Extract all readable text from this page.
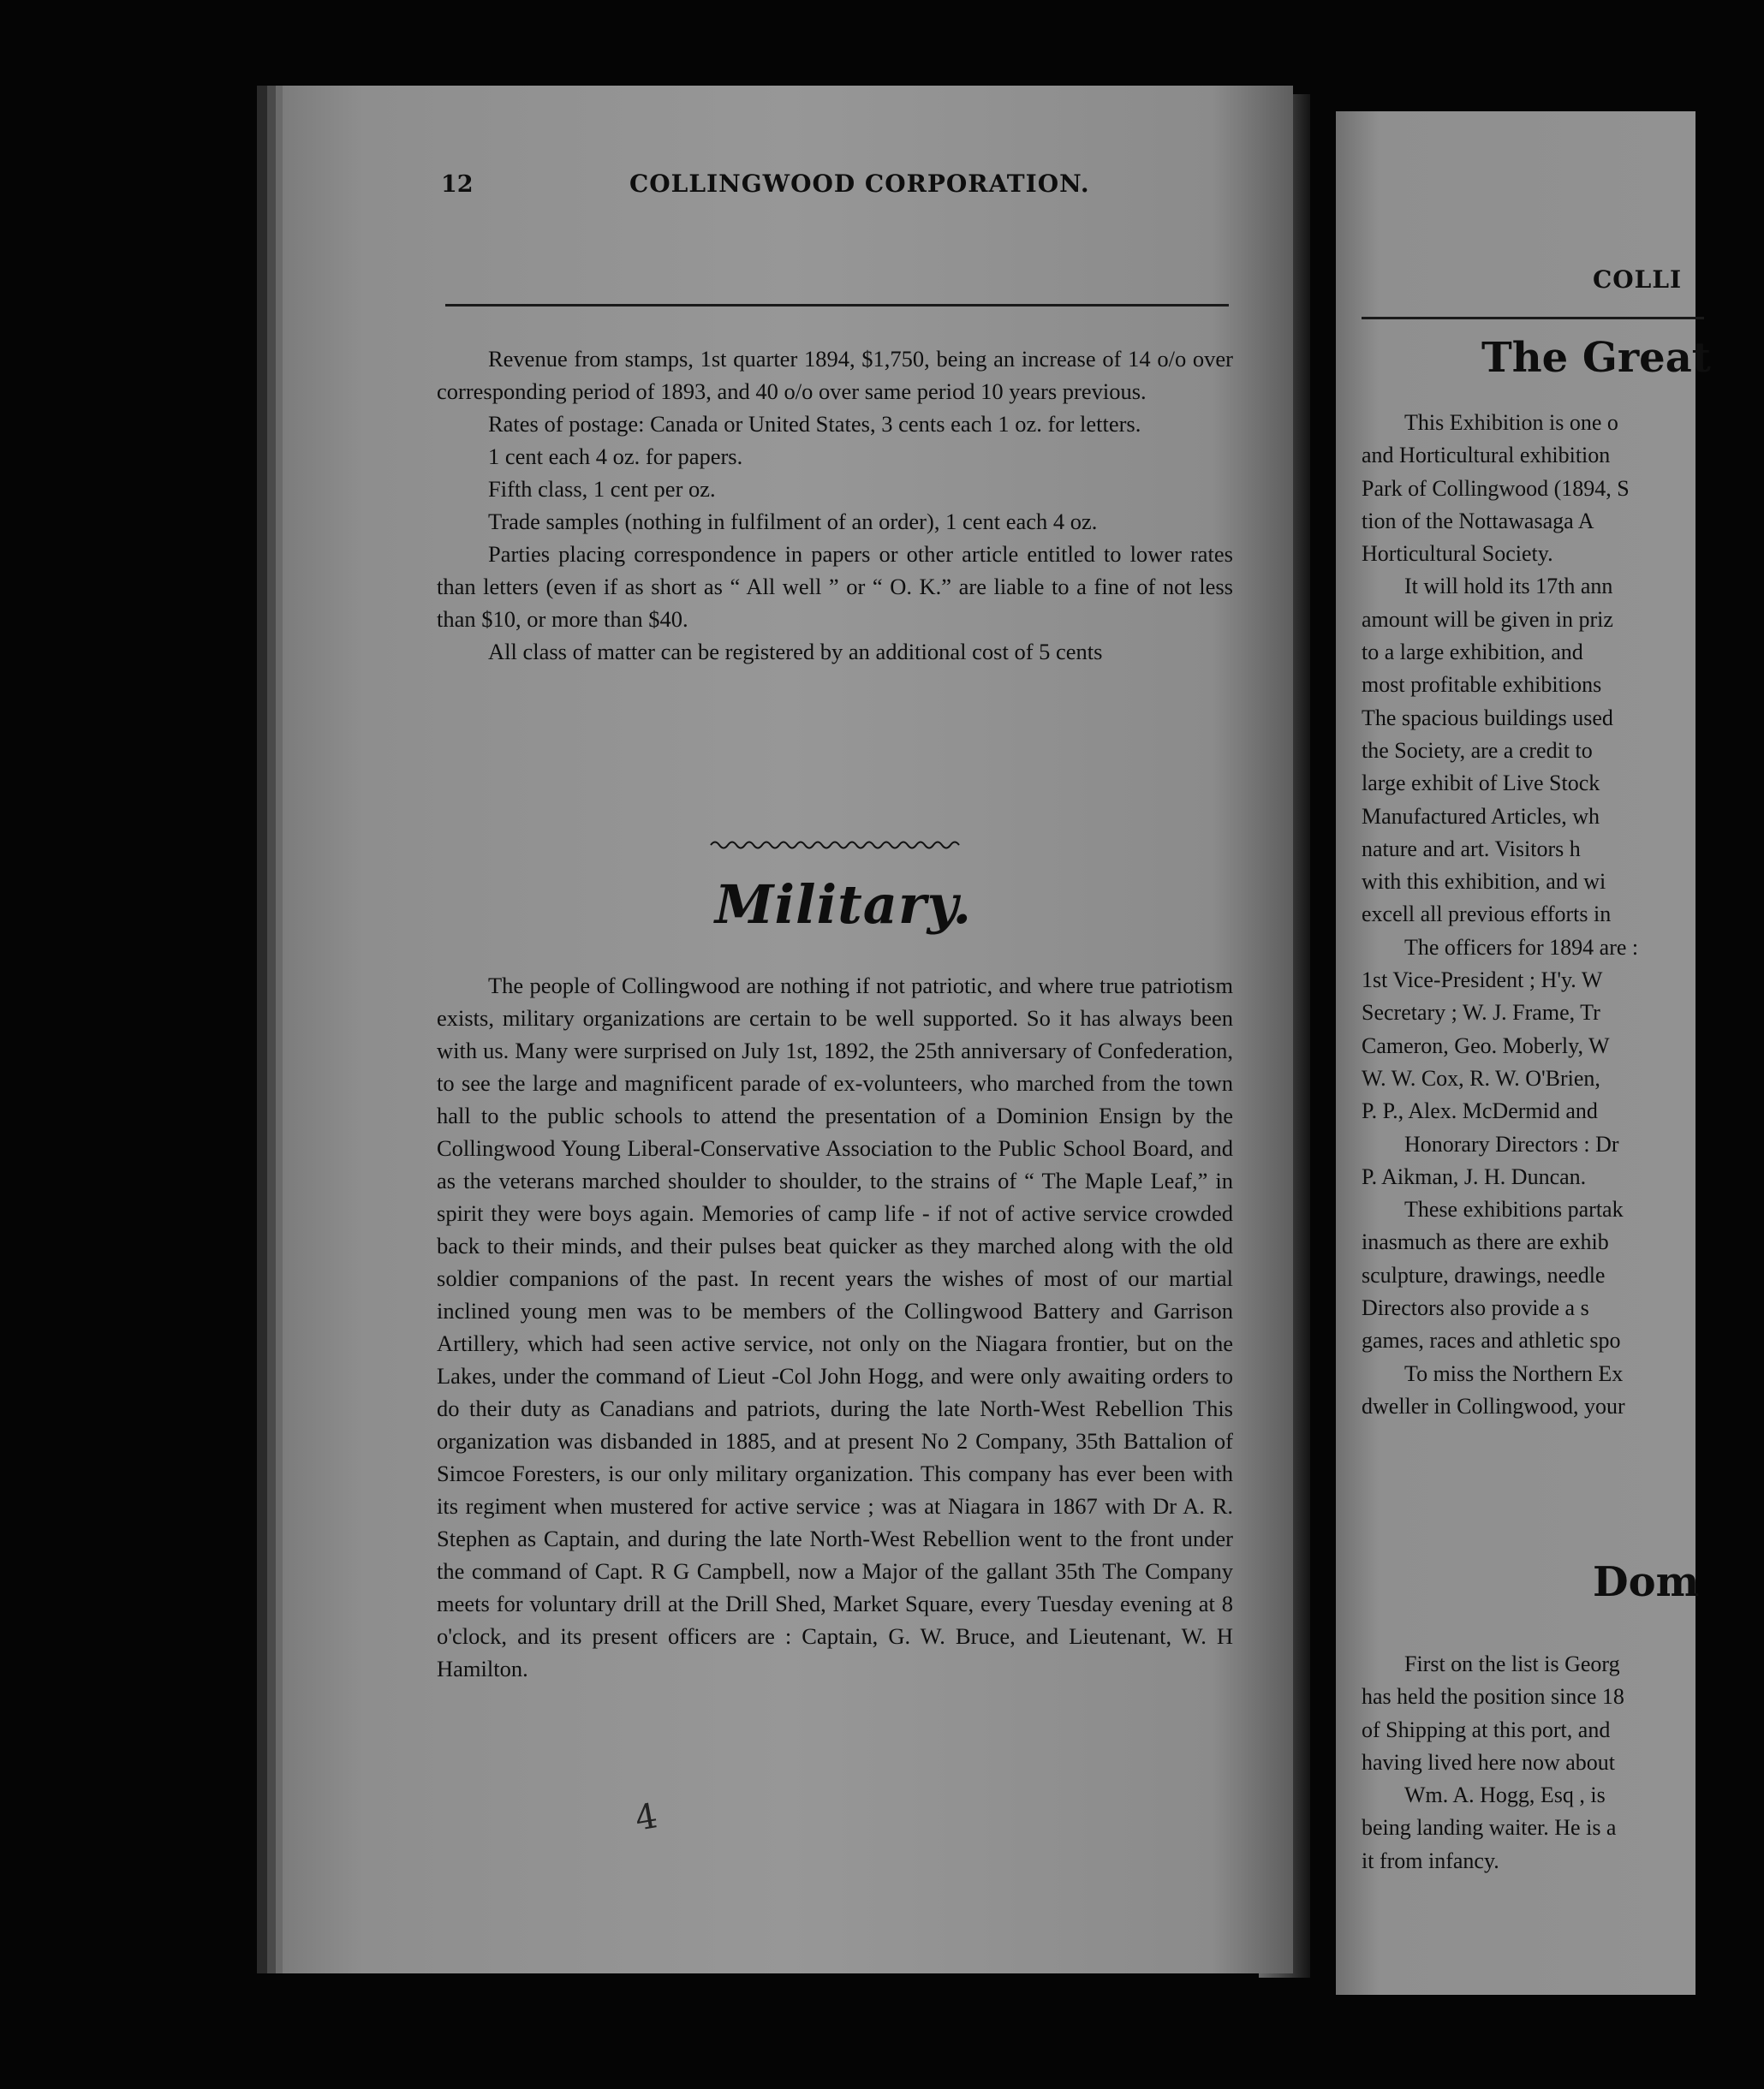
12	COLLINGWOOD CORPORATION.

Revenue from stamps, 1st quarter 1894, $1,750, being an increase of 14 o/o over corresponding period of 1893, and 40 o/o over same period 10 years previous.

Rates of postage: Canada or United States, 3 cents each 1 oz. for letters.

1 cent each 4 oz. for papers.

Fifth class, 1 cent per oz.

Trade samples (nothing in fulfilment of an order), 1 cent each 4 oz.

Parties placing correspondence in papers or other article entitled to lower rates than letters (even if as short as “ All well ” or “ O. K.” are liable to a fine of not less than $10, or more than $40.

All class of matter can be registered by an additional cost of 5 cents

Military.

The people of Collingwood are nothing if not patriotic, and where true patriotism exists, military organizations are certain to be well supported. So it has always been with us. Many were surprised on July 1st, 1892, the 25th anniversary of Confederation, to see the large and magnificent parade of ex-volunteers, who marched from the town hall to the public schools to attend the presentation of a Dominion Ensign by the Collingwood Young Liberal-Conservative Association to the Public School Board, and as the veterans marched shoulder to shoulder, to the strains of “ The Maple Leaf,” in spirit they were boys again. Memories of camp life - if not of active service crowded back to their minds, and their pulses beat quicker as they marched along with the old soldier companions of the past. In recent years the wishes of most of our martial inclined young men was to be members of the Collingwood Battery and Garrison Artillery, which had seen active service, not only on the Niagara frontier, but on the Lakes, under the command of Lieut -Col John Hogg, and were only awaiting orders to do their duty as Canadians and patriots, during the late North-West Rebellion This organization was disbanded in 1885, and at present No 2 Company, 35th Battalion of Simcoe Foresters, is our only military organization. This company has ever been with its regiment when mustered for active service ; was at Niagara in 1867 with Dr A. R. Stephen as Captain, and during the late North-West Rebellion went to the front under the command of Capt. R G Campbell, now a Major of the gallant 35th The Company meets for voluntary drill at the Drill Shed, Market Square, every Tuesday evening at 8 o'clock, and its present officers are : Captain, G. W. Bruce, and Lieutenant, W. H Hamilton.

4
COLLI
The Great
This Exhibition is one o
and Horticultural exhibition
Park of Collingwood (1894, S
tion of the Nottawasaga A
Horticultural Society.
It will hold its 17th ann
amount will be given in priz
to a large exhibition, and
most profitable exhibitions
The spacious buildings used
the Society, are a credit to
large exhibit of Live Stock
Manufactured Articles, wh
nature and art. Visitors h
with this exhibition, and wi
excell all previous efforts in
The officers for 1894 are :
1st Vice-President ; H'y. W
Secretary ; W. J. Frame, Tr
Cameron, Geo. Moberly, W
W. W. Cox, R. W. O'Brien,
P. P., Alex. McDermid and
Honorary Directors : Dr
P. Aikman, J. H. Duncan.
These exhibitions partak
inasmuch as there are exhib
sculpture, drawings, needle
Directors also provide a s
games, races and athletic spo
To miss the Northern Ex
dweller in Collingwood, your
Dom
First on the list is Georg
has held the position since 18
of Shipping at this port, and
having lived here now about
Wm. A. Hogg, Esq , is
being landing waiter. He is a
it from infancy.
